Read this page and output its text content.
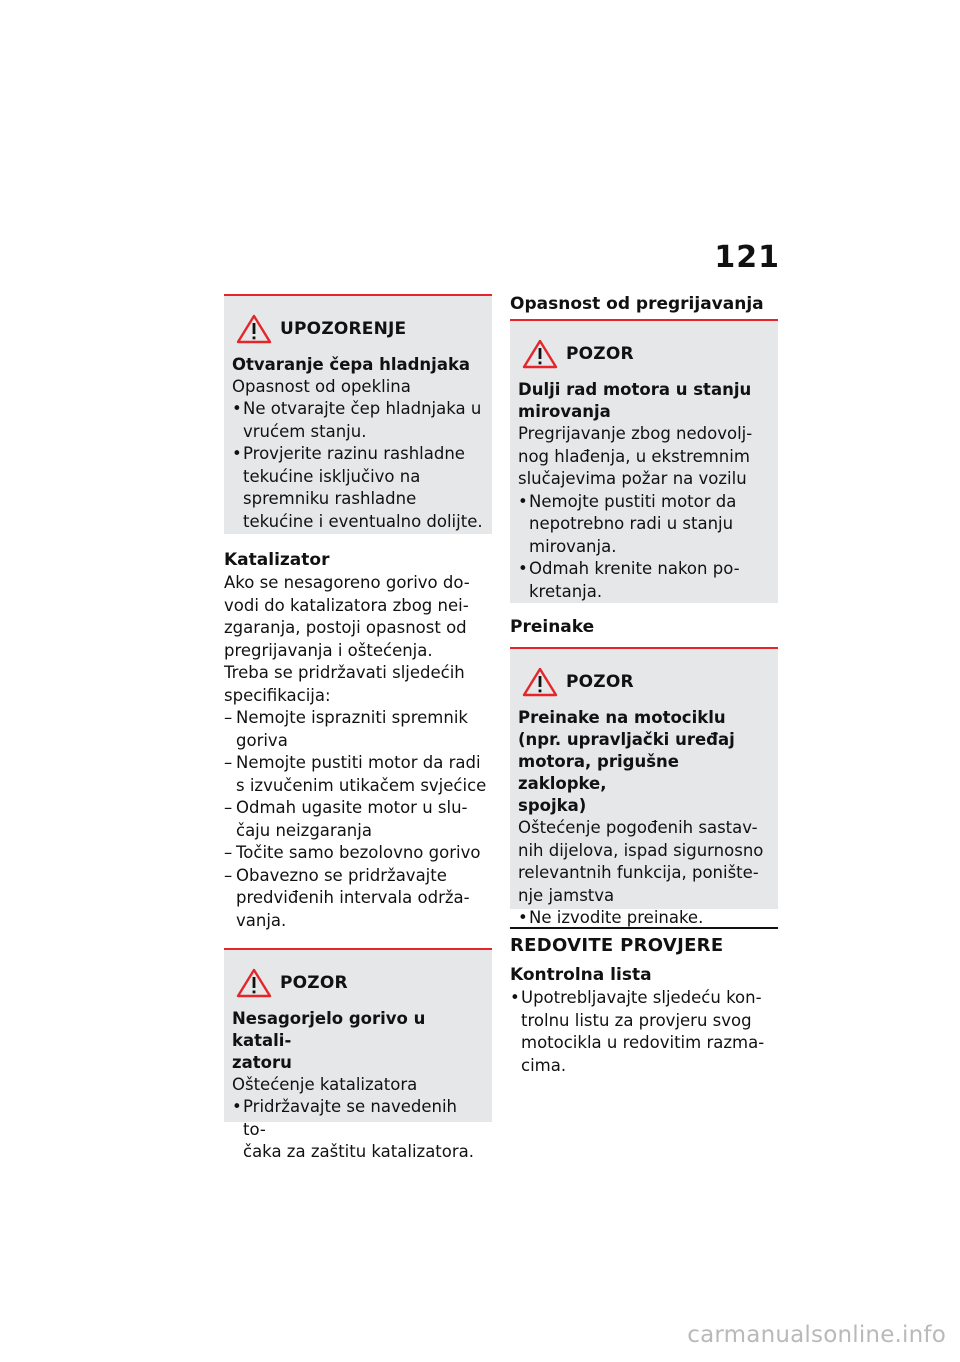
121
UPOZORENJE
Otvaranje čepa hladnjaka
Opasnost od opeklina
• Ne otvarajte čep hladnjaka u
vrućem stanju.
• Provjerite razinu rashladne
tekućine isključivo na
spremniku rashladne
tekućine i eventualno dolijte.
Katalizator
Ako se nesagoreno gorivo do-
vodi do katalizatora zbog nei-
zgaranja, postoji opasnost od
pregrijavanja i oštećenja.
Treba se pridržavati sljedećih
specifikacija:
– Nemojte isprazniti spremnik
goriva
– Nemojte pustiti motor da radi
s izvučenim utikačem svjećice
– Odmah ugasite motor u slu-
čaju neizgaranja
– Točite samo bezolovno gorivo
– Obavezno se pridržavajte
predviđenih intervala održa-
vanja.
POZOR
Nesagorjelo gorivo u katali-
zatoru
Oštećenje katalizatora
• Pridržavajte se navedenih to-
čaka za zaštitu katalizatora.
Opasnost od pregrijavanja
POZOR
Dulji rad motora u stanju
mirovanja
Pregrijavanje zbog nedovolj-
nog hlađenja, u ekstremnim
slučajevima požar na vozilu
• Nemojte pustiti motor da
nepotrebno radi u stanju
mirovanja.
• Odmah krenite nakon po-
kretanja.
Preinake
POZOR
Preinake na motociklu
(npr. upravljački uređaj
motora, prigušne zaklopke,
spojka)
Oštećenje pogođenih sastav-
nih dijelova, ispad sigurnosno
relevantnih funkcija, ponište-
nje jamstva
• Ne izvodite preinake.
REDOVITE PROVJERE
Kontrolna lista
• Upotrebljavajte sljedeću kon-
trolnu listu za provjeru svog
motocikla u redovitim razma-
cima.
carmanualsonline.info
